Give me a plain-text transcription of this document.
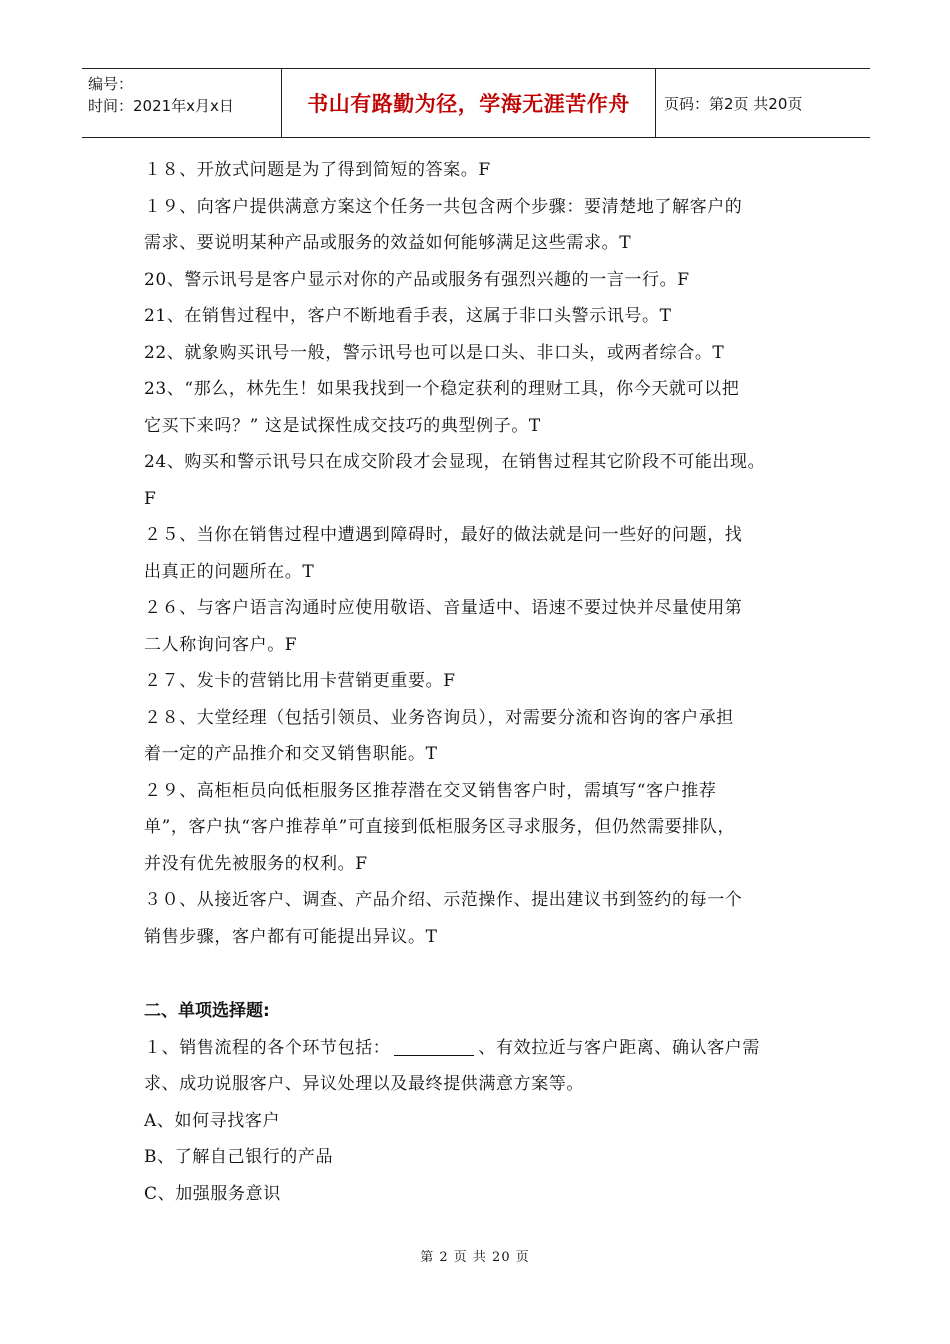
编号：
时间：2021年x月x日	书山有路勤为径，学海无涯苦作舟 页码：第2页 共20页
１８、开放式问题是为了得到简短的答案。F
１９、向客户提供满意方案这个任务一共包含两个步骤：要清楚地了解客户的
需求、要说明某种产品或服务的效益如何能够满足这些需求。T
20、警示讯号是客户显示对你的产品或服务有强烈兴趣的一言一行。F
21、在销售过程中，客户不断地看手表，这属于非口头警示讯号。T
22、就象购买讯号一般，警示讯号也可以是口头、非口头，或两者综合。T
23、“那么，林先生！如果我找到一个稳定获利的理财工具，你今天就可以把
它买下来吗？” 这是试探性成交技巧的典型例子。T
24、购买和警示讯号只在成交阶段才会显现，在销售过程其它阶段不可能出现。
F
２５、当你在销售过程中遭遇到障碍时，最好的做法就是问一些好的问题，找
出真正的问题所在。T
２６、与客户语言沟通时应使用敬语、音量适中、语速不要过快并尽量使用第
二人称询问客户。F
２７、发卡的营销比用卡营销更重要。F
２８、大堂经理（包括引领员、业务咨询员），对需要分流和咨询的客户承担
着一定的产品推介和交叉销售职能。T
２９、高柜柜员向低柜服务区推荐潜在交叉销售客户时，需填写“客户推荐
单”，客户执“客户推荐单”可直接到低柜服务区寻求服务，但仍然需要排队，
并没有优先被服务的权利。F
３０、从接近客户、调查、产品介绍、示范操作、提出建议书到签约的每一个
销售步骤，客户都有可能提出异议。T
二、单项选择题:
１、销售流程的各个环节包括：	、有效拉近与客户距离、确认客户需
求、成功说服客户、异议处理以及最终提供满意方案等。
A、如何寻找客户
B、了解自己银行的产品
C、加强服务意识
第 2 页 共 20 页
